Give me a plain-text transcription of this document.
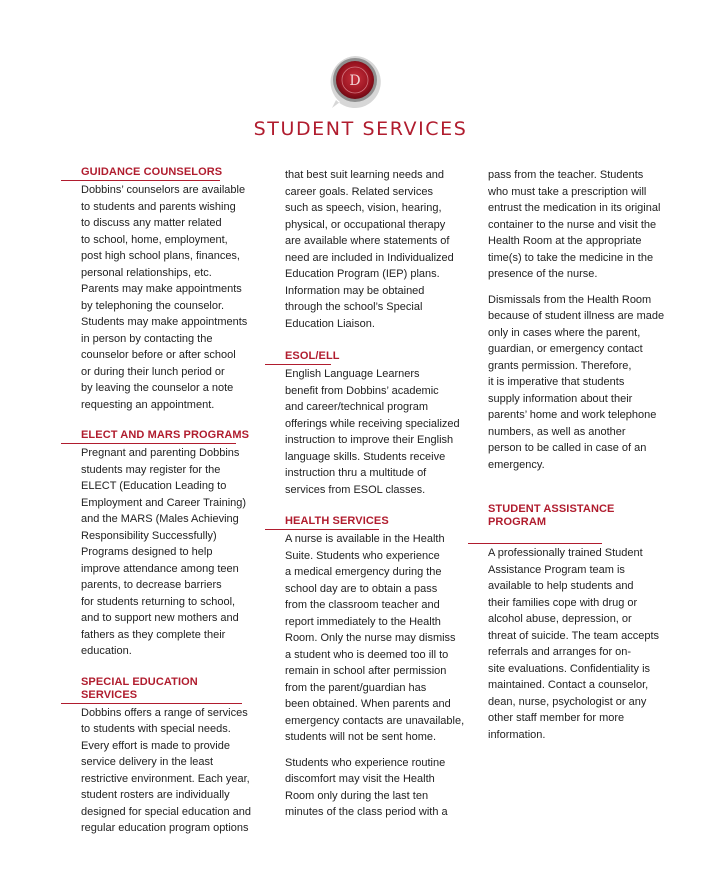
D
STUDENT SERVICES
GUIDANCE COUNSELORS
Dobbins’ counselors are available
to students and parents wishing
to discuss any matter related
to school, home, employment,
post high school plans, finances,
personal relationships, etc.
Parents may make appointments
by telephoning the counselor.
Students may make appointments
in person by contacting the
counselor before or after school
or during their lunch period or
by leaving the counselor a note
requesting an appointment.
ELECT AND MARS PROGRAMS
Pregnant and parenting Dobbins
students may register for the
ELECT (Education Leading to
Employment and Career Training)
and the MARS (Males Achieving
Responsibility Successfully)
Programs designed to help
improve attendance among teen
parents, to decrease barriers
for students returning to school,
and to support new mothers and
fathers as they complete their
education.
SPECIAL EDUCATION SERVICES
Dobbins offers a range of services
to students with special needs.
Every effort is made to provide
service delivery in the least
restrictive environment. Each year,
student rosters are individually
designed for special education and
regular education program options
that best suit learning needs and
career goals. Related services
such as speech, vision, hearing,
physical, or occupational therapy
are available where statements of
need are included in Individualized
Education Program (IEP) plans.
Information may be obtained
through the school’s Special
Education Liaison.
ESOL/ELL
English Language Learners
benefit from Dobbins’ academic
and career/technical program
offerings while receiving specialized
instruction to improve their English
language skills. Students receive
instruction thru a multitude of
services from ESOL classes.
HEALTH SERVICES
A nurse is available in the Health
Suite. Students who experience
a medical emergency during the
school day are to obtain a pass
from the classroom teacher and
report immediately to the Health
Room. Only the nurse may dismiss
a student who is deemed too ill to
remain in school after permission
from the parent/guardian has
been obtained. When parents and
emergency contacts are unavailable,
students will not be sent home.
Students who experience routine
discomfort may visit the Health
Room only during the last ten
minutes of the class period with a
pass from the teacher. Students
who must take a prescription will
entrust the medication in its original
container to the nurse and visit the
Health Room at the appropriate
time(s) to take the medicine in the
presence of the nurse.
Dismissals from the Health Room
because of student illness are made
only in cases where the parent,
guardian, or emergency contact
grants permission. Therefore,
it is imperative that students
supply information about their
parents’ home and work telephone
numbers, as well as another
person to be called in case of an
emergency.

STUDENT ASSISTANCE
PROGRAM

A professionally trained Student
Assistance Program team is
available to help students and
their families cope with drug or
alcohol abuse, depression, or
threat of suicide. The team accepts
referrals and arranges for on-
site evaluations. Confidentiality is
maintained. Contact a counselor,
dean, nurse, psychologist or any
other staff member for more
information.
